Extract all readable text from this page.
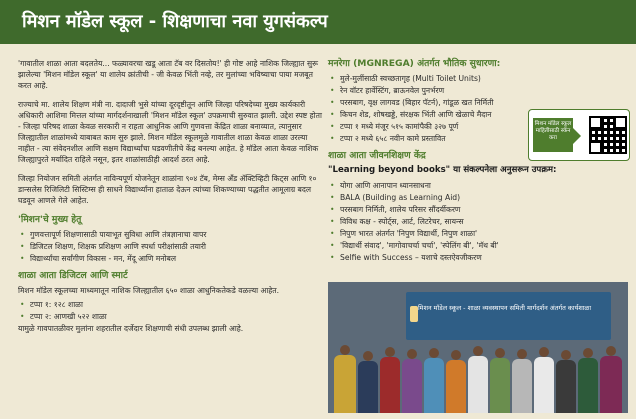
मिशन मॉडेल स्कूल - शिक्षणाचा नवा युगसंकल्प

'गावातील शाळा आता बदलतेय... फळ्यावरचा खडू आता टॅब वर दिसतोय!' ही गोष्ट आहे नाशिक जिल्ह्यात सुरू झालेल्या 'मिशन मॉडेल स्कूल' या शालेय क्रांतीची - जी केवळ भिंती नव्हे, तर मुलांच्या भविष्याचा पाया मजबूत करत आहे.

राज्याचे मा. शालेय शिक्षण मंत्री ना. दादाजी भुसे यांच्या दूरदृष्टीतून आणि जिल्हा परिषदेच्या मुख्य कार्यकारी अधिकारी आशिमा मित्तल यांच्या मार्गदर्शनाखाली 'मिशन मॉडेल स्कूल' उपक्रमाची सुरुवात झाली. उद्देश स्पष्ट होता - जिल्हा परिषद शाळा केवळ सरकारी न राहता आधुनिक आणि गुणवत्ता केंद्रित शाळा बनाव्यात, त्यानुसार जिल्ह्यातील शाळांमध्ये याबाबत काम सुरु झाले. मिशन मॉडेल स्कूलमुळे गावातील शाळा केवळ शाळा उरल्या नाहीत - त्या संवेदनशील आणि सक्षम विद्यार्थ्यांचा घडवणीतीचे केंद्र बनल्या आहेत. हे मॉडेल आता केवळ नाशिक जिल्ह्यापुरते मर्यादित राहिले नसून, इतर शाळांसाठीही आदर्श ठरत आहे.

जिल्हा नियोजन समिती अंतर्गत नाविन्यपूर्ण योजनेतून शाळांना ९०४ टॅब, मेम्स अँड ॲक्टिव्हिटी किट्स आणि १० डान्सलेस रिजिलिटी सिस्टिम्स ही साधने विद्यार्थ्यांना हाताळ देऊन त्यांच्या शिकण्याच्या पद्धतीत आमूलाग्र बदल घडवून आणले गेले आहेत.

'मिशन'चे मुख्य हेतू
• गुणवत्तापूर्ण शिक्षणासाठी पायाभूत सुविधा आणि तंत्रज्ञानाचा वापर
• डिजिटल शिक्षण, शिक्षक प्रशिक्षण आणि स्पर्धा परीक्षांसाठी तयारी
• विद्यार्थ्यांचा सर्वांगीण विकास - मन, मेंदू आणि मनोबल
शाळा आता डिजिटल आणि स्मार्ट

मिशन मॉडेल स्कूलच्या माध्यमातून नाशिक जिल्ह्यातील ६५० शाळा आधुनिकतेकडे वळल्या आहेत.

• टप्पा १: १२८ शाळा
• टप्पा २: आणखी ५२२ शाळा

यामुळे गावपातळीवर मुलांना शहरातील दर्जेदार शिक्षणाची संधी उपलब्ध झाली आहे.

मनरेगा (MGNREGA) अंतर्गत भौतिक सुधारणा:
• मुले-मुलींसाठी स्वच्छतागृह (Multi Toilet Units)
• रेन वॉटर हार्वेस्टिंग, ब्राऊनवेल पुनर्भरण
• परसबाग, वृक्ष लागवड (बिहार पॅटर्न), गांडूळ खत निर्मिती
• किचन शेड, शोषखड्डे, संरक्षक भिंती आणि खेळाचे मैदान
• टप्पा १ मध्ये मंजूर ५१५ कामांपैकी ३२७ पूर्ण
• टप्पा २ मध्ये ६५८ नवीन कामे प्रस्तावित
शाळा आता जीवनशिक्षण केंद्र
"Learning beyond books" या संकल्पनेला अनुसरून उपक्रम:
• योगा आणि आनापान ध्यानसाधना
• BALA (Building as Learning Aid)
• परसबाग निर्मिती, शालेय परिसर सौंदर्यीकरण
• विविध कक्ष - स्पोर्ट्स, आर्ट, लिटरेचर, सायन्स
• निपुण भारत अंतर्गत 'निपुण विद्यार्थी, निपुण शाळा'
• 'विद्यार्थी संवाद', 'मागोवाचर्चा चर्चा', 'स्पेलिंग बी', 'मॅथ बी'
• Selfie with Success – यशाचे दस्तऐवजीकरण
मिशन मॉडेल स्कूल माहितीसाठी स्कॅन करा
मिशन मॉडेल स्कूल - शाळा व्यवस्थापन समिती मार्गदर्शन अंतर्गत कार्यशाळा
